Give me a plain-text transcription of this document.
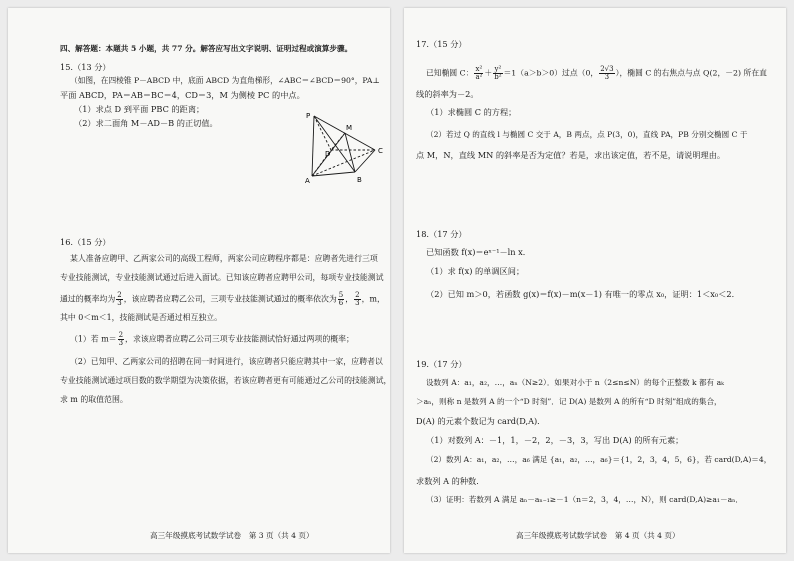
四、解答题：本题共 5 小题，共 77 分。解答应写出文字说明、证明过程或演算步骤。
15.（13 分）
（如图，在四棱锥 P－ABCD 中，底面 ABCD 为直角梯形，∠ABC＝∠BCD＝90°，PA⊥
平面 ABCD，PA＝AB＝BC＝4，CD＝3，M 为侧棱 PC 的中点。
（1）求点 D 到平面 PBC 的距离；
（2）求二面角 M－AD－B 的正切值。
P
M
C
A	B
D
16.（15 分）
某人准备应聘甲、乙两家公司的高级工程师，两家公司应聘程序都是：应聘者先进行三项
专业技能测试，专业技能测试通过后进入面试。已知该应聘者应聘甲公司，每项专业技能测试
通过的概率均为 $\frac{2}{3}$ ，该应聘者应聘乙公司，三项专业技能测试通过的概率依次为 $\frac{5}{6}$ ， $\frac{2}{3}$ ，m，
其中 0＜m＜1，技能测试是否通过相互独立。
（1）若 $m= \frac{2}{3}$ ，求该应聘者应聘乙公司三项专业技能测试恰好通过两项的概率；
（2）已知甲、乙两家公司的招聘在同一时间进行，该应聘者只能应聘其中一家，应聘者以
专业技能测试通过项目数的数学期望为决策依据，若该应聘者更有可能通过乙公司的技能测试，
求 m 的取值范围。
高三年级摸底考试数学试卷　第 3 页（共 4 页）
17.（15 分）
已知椭圆 C： $\frac{\text{x²}}{\text{a²}} + \frac{\text{y²}}{\text{b²}} =1(a>b>0)$过点（0， $\frac{2√3}{3}$ ），椭圆 C 的右焦点与点 Q(2，－2) 所在直
线的斜率为－2。
（1）求椭圆 C 的方程；
（2）若过 Q 的直线 l 与椭圆 C 交于 A，B 两点，点 P(3，0)，直线 PA，PB 分别交椭圆 C 于
点 M，N，直线 MN 的斜率是否为定值？若是，求出该定值，若不是，请说明理由。
18.（17 分）
已知函数 f(x)＝eˣ⁻¹－ln x．
（1）求 f(x) 的单调区间；
（2）已知 m＞0，若函数 g(x)＝f(x)－m(x－1) 有唯一的零点 x₀，证明：1＜x₀＜2．
19.（17 分）
设数列 A：a₁，a₂，…，aₙ（N≥2）．如果对小于 n（2≤n≤N）的每个正整数 k 都有 aₖ
＞aₙ，则称 n 是数列 A 的一个“D 时刻”．记 D(A) 是数列 A 的所有“D 时刻”组成的集合，
D(A) 的元素个数记为 card(D,A)．
（1）对数列 A：－1，1，－2，2，－3，3，写出 D(A) 的所有元素；
（2）数列 A：a₁，a₂，…，a₆ 满足 {a₁，a₂，…，a₆}＝{1，2，3，4，5，6}，若 card(D,A)＝4，
求数列 A 的种数．
（3）证明：若数列 A 满足 aₙ－aₙ₋₁≥－1（n＝2，3，4，…，N），则 card(D,A)≥a₁－aₙ．
高三年级摸底考试数学试卷　第 4 页（共 4 页）
